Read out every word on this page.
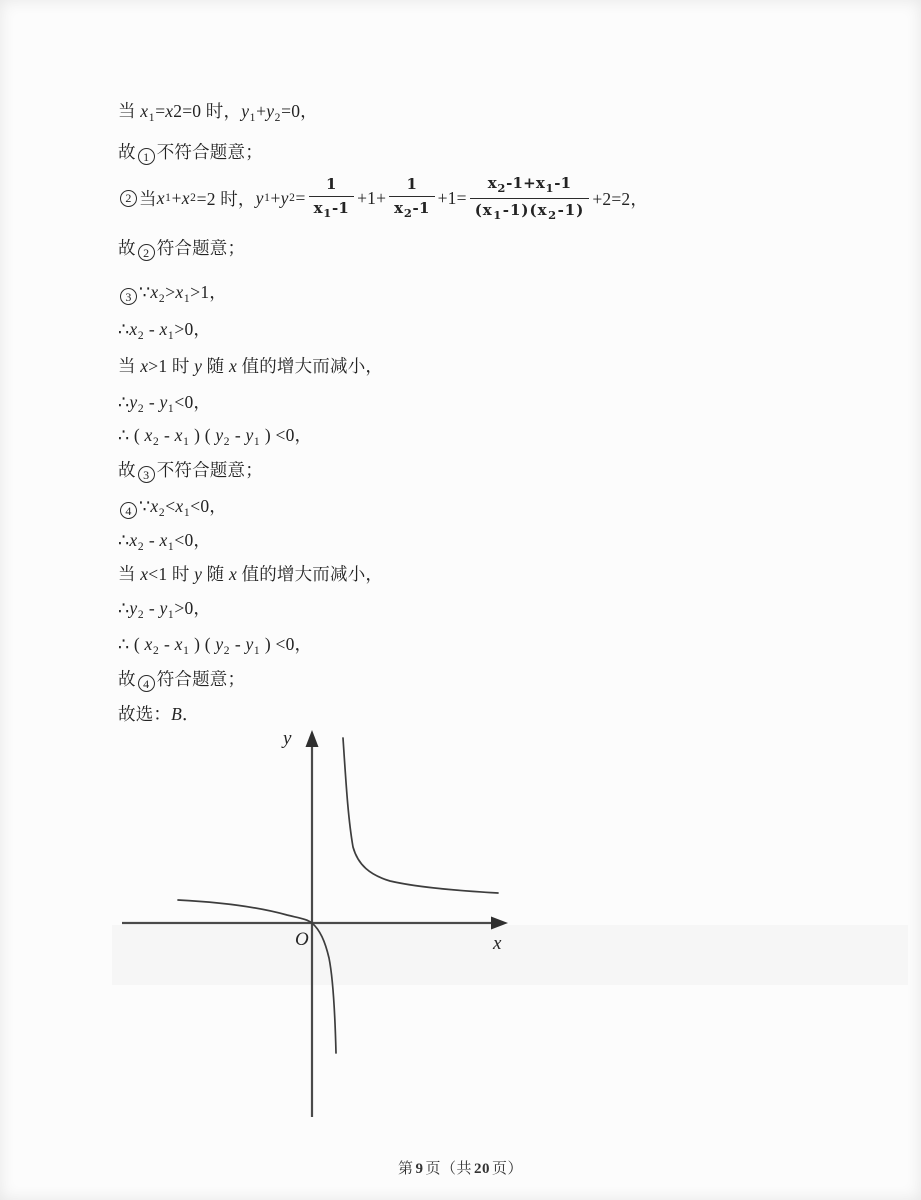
当 $x_1=x2=0$ 时，$y_1+y_2=0$，
故 1 不符合题意；
2 当 x 1 + x 2 =2 时， y 1 + y $2 = \frac{1}{x_1-1} +1+ \frac{1}{x_2-1} +1= \frac{x_2-1+x_1-1}{(x_1-1)(x_2-1)} +2=2$，
故 2 符合题意；
3 $\because x_2>x_1>1$，
$\therefore x_2 - x_1>0$，
当 x>1 时 y 随 x 值的增大而减小，
$\therefore y_2 - y_1<0$，
∴ ( $x_2 - x_1$ ) ( $y_2 - y_1$ ) <0，
故 3 不符合题意；
4 $\because x_2<x_1<0$，
$\therefore x_2 - x_1<0$，
当 x<1 时 y 随 x 值的增大而减小，
$\therefore y_2 - y_1>0$，
∴ ( $x_2 - x_1$ ) ( $y_2 - y_1$ ) <0，
故 4 符合题意；
故选：B．
y
x
O
第 9 页（共 20 页）
